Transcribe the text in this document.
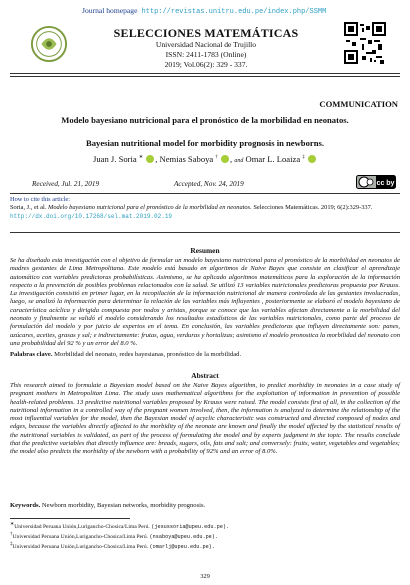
Journal homepage http://revistas.unitru.edu.pe/index.php/SSMM
SELECCIONES MATEMÁTICAS
Universidad Nacional de Trujillo
ISSN: 2411-1783 (Online)
2019; Vol.06(2): 329 - 337.
COMMUNICATION
Modelo bayesiano nutricional para el pronóstico de la morbilidad en neonatos.
Bayesian nutritional model for morbidity prognosis in newborns.
Juan J. Soria ∗ , Nemias Saboya † , and Omar L. Loaiza ‡
Received, Jul. 21, 2019	Accepted, Nov. 24, 2019	cc by
How to cite this article:
Soria, J., et al. Modelo bayesiano nutricional para el pronóstico de la morbilidad en neonatos. Selecciones Matemáticas. 2019; 6(2):329-337. http://dx.doi.org/10.17268/sel.mat.2019.02.19
Resumen
Se ha diseñado esta investigación con el objetivo de formular un modelo bayesiano nutricional para el pronóstico de la morbilidad en neonatos de madres gestantes de Lima Metropolitana. Este modelo está basado en algoritmos de Naive Bayes que consiste en clasificar el aprendizaje automático con variables predictoras probabilísticas. Asimismo, se ha aplicado algoritmos matemáticos para la exploración de la información respecto a la prevención de posibles problemas relacionados con la salud. Se utilizó 13 variables nutricionales predictoras propuesta por Krauss. La investigación consistió en primer lugar, en la recopilación de la información nutricional de manera controlada de las gestantes involucradas, luego, se analizó la información para determinar la relación de las variables más influyentes , posteriormente se elaboró el modelo bayesiano de característica acíclica y dirigida compuesta por nodos y aristas, porque se conoce que las variables afectan directamente a la morbilidad del neonato y finalmente se validó el modelo considerando los resultados estadísticos de las variables nutricionales, como parte del proceso de formulación del modelo y por juicio de expertos en el tema. En conclusión, las variables predictoras que influyen directamente son: panes, azúcares, aceites, grasas y sal; e indirectamente: frutas, agua, verduras y hortalizas; asimismo el modelo pronostica la morbilidad del neonato con una probabilidad del 92 % y un error del 8.0 %.
Palabras clave. Morbilidad del neonato, redes bayesianas, pronóstico de la morbilidad.
Abstract
This research aimed to formulate a Bayesian model based on the Naive Bayes algorithm, to predict morbidity in neonates in a case study of pregnant mothers in Metropolitan Lima. The study uses mathematical algorithms for the exploitation of information in prevention of possible health-related problems. 13 predictive nutritional variables proposed by Krauss were raised. The model consists first of all, in the collection of the nutritional information in a controlled way of the pregnant women involved, then, the information is analyzed to determine the relationship of the most influential variables for the model, then the Bayesian model of acyclic characteristic was constructed and directed composed of nodes and edges, because the variables directly affected to the morbidity of the neonate are known and finally the model affected by the statistical results of the nutritional variables is validated, as part of the process of formulating the model and by experts judgment in the topic. The results conclude that the predictive variables that directly influence are: breads, sugars, oils, fats and salt; and conversely: fruits, water, vegetables and vegetables; the model also predicts the morbidity of the newborn with a probability of 92% and an error of 8.0%.
Keywords. Newborn morbidity, Bayesian networks, morbidity prognosis.
∗Universidad Peruana Unión,Lurigancho-Chosica/Lima Perú. (jesussoria@upeu.edu.pe).
†Universidad Peruana Unión,Lurigancho-Chosica/Lima Perú. (nsaboya@upeu.edu.pe).
‡Universidad Peruana Unión,Lurigancho-Chosica/Lima Perú. (omarlj@upeu.edu.pe).
329
